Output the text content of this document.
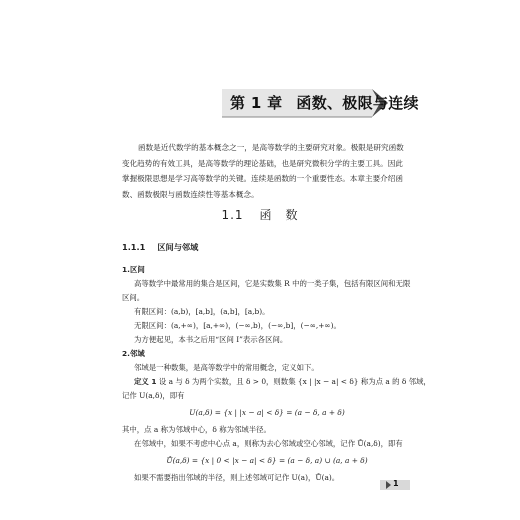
第 1 章 函数、极限与连续

函数是近代数学的基本概念之一，是高等数学的主要研究对象。极限是研究函数变化趋势的有效工具，是高等数学的理论基础，也是研究微积分学的主要工具。因此掌握极限思想是学习高等数学的关键。连续是函数的一个重要性态。本章主要介绍函数、函数极限与函数连续性等基本概念。

1.1 函　数
1.1.1 区间与邻域
1.区间
高等数学中最常用的集合是区间，它是实数集 R 中的一类子集，包括有限区间和无限
区间。
有限区间：(a,b)，[a,b]，(a,b]，[a,b)。
无限区间：(a,+∞)，[a,+∞)，(−∞,b)，(−∞,b]，(−∞,+∞)。
为方便起见，本书之后用“区间 I”表示各区间。
2.邻域
邻域是一种数集，是高等数学中的常用概念，定义如下。
定义 1 设 a 与 δ 为两个实数，且 δ > 0，则数集 {x | |x − a| < δ} 称为点 a 的 δ 邻域，
记作 U(a,δ)，即有
U(a,δ) = {x | |x − a| < δ} = (a − δ, a + δ)
其中，点 a 称为邻域中心，δ 称为邻域半径。
在邻域中，如果不考虑中心点 a，则称为去心邻域或空心邻域，记作 Ů(a,δ)，即有
Ů(a,δ) = {x | 0 < |x − a| < δ} = (a − δ, a) ∪ (a, a + δ)
如果不需要指出邻域的半径，则上述邻域可记作 U(a)，Ů(a)。
1
